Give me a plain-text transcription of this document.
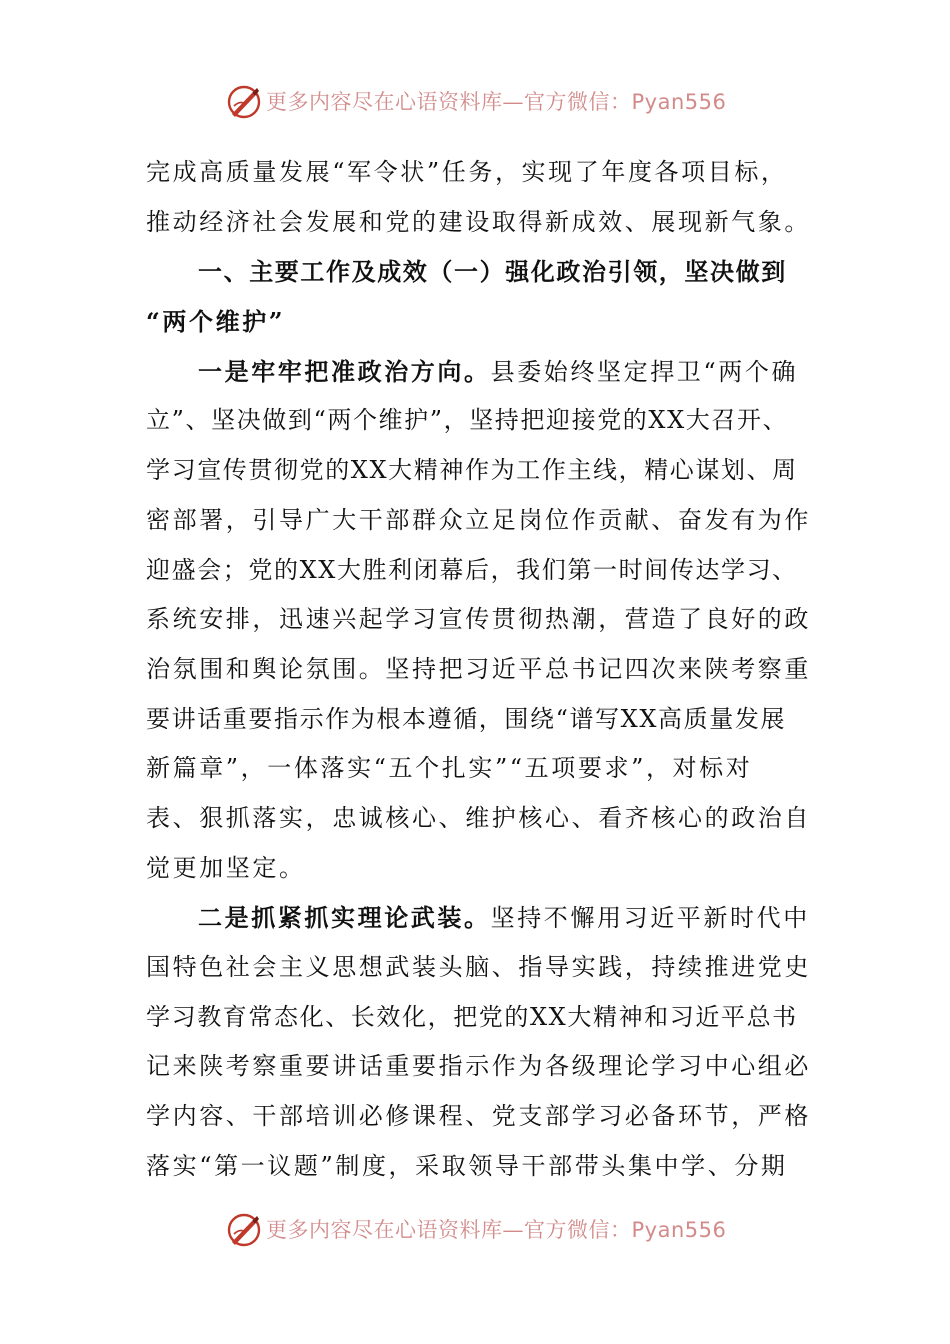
更多内容尽在心语资料库—官方微信：Pyan556
完成高质量发展“军令状”任务，实现了年度各项目标，
推动经济社会发展和党的建设取得新成效、展现新气象。
一、主要工作及成效（一）强化政治引领，坚决做到
“两个维护”
一是牢牢把准政治方向。县委始终坚定捍卫“两个确
立”、坚决做到“两个维护”，坚持把迎接党的XX大召开、
学习宣传贯彻党的XX大精神作为工作主线，精心谋划、周
密部署，引导广大干部群众立足岗位作贡献、奋发有为作
迎盛会；党的XX大胜利闭幕后，我们第一时间传达学习、
系统安排，迅速兴起学习宣传贯彻热潮，营造了良好的政
治氛围和舆论氛围。坚持把习近平总书记四次来陕考察重
要讲话重要指示作为根本遵循，围绕“谱写XX高质量发展
新篇章”，一体落实“五个扎实”“五项要求”，对标对
表、狠抓落实，忠诚核心、维护核心、看齐核心的政治自
觉更加坚定。
二是抓紧抓实理论武装。坚持不懈用习近平新时代中
国特色社会主义思想武装头脑、指导实践，持续推进党史
学习教育常态化、长效化，把党的XX大精神和习近平总书
记来陕考察重要讲话重要指示作为各级理论学习中心组必
学内容、干部培训必修课程、党支部学习必备环节，严格
落实“第一议题”制度，采取领导干部带头集中学、分期
更多内容尽在心语资料库—官方微信：Pyan556
